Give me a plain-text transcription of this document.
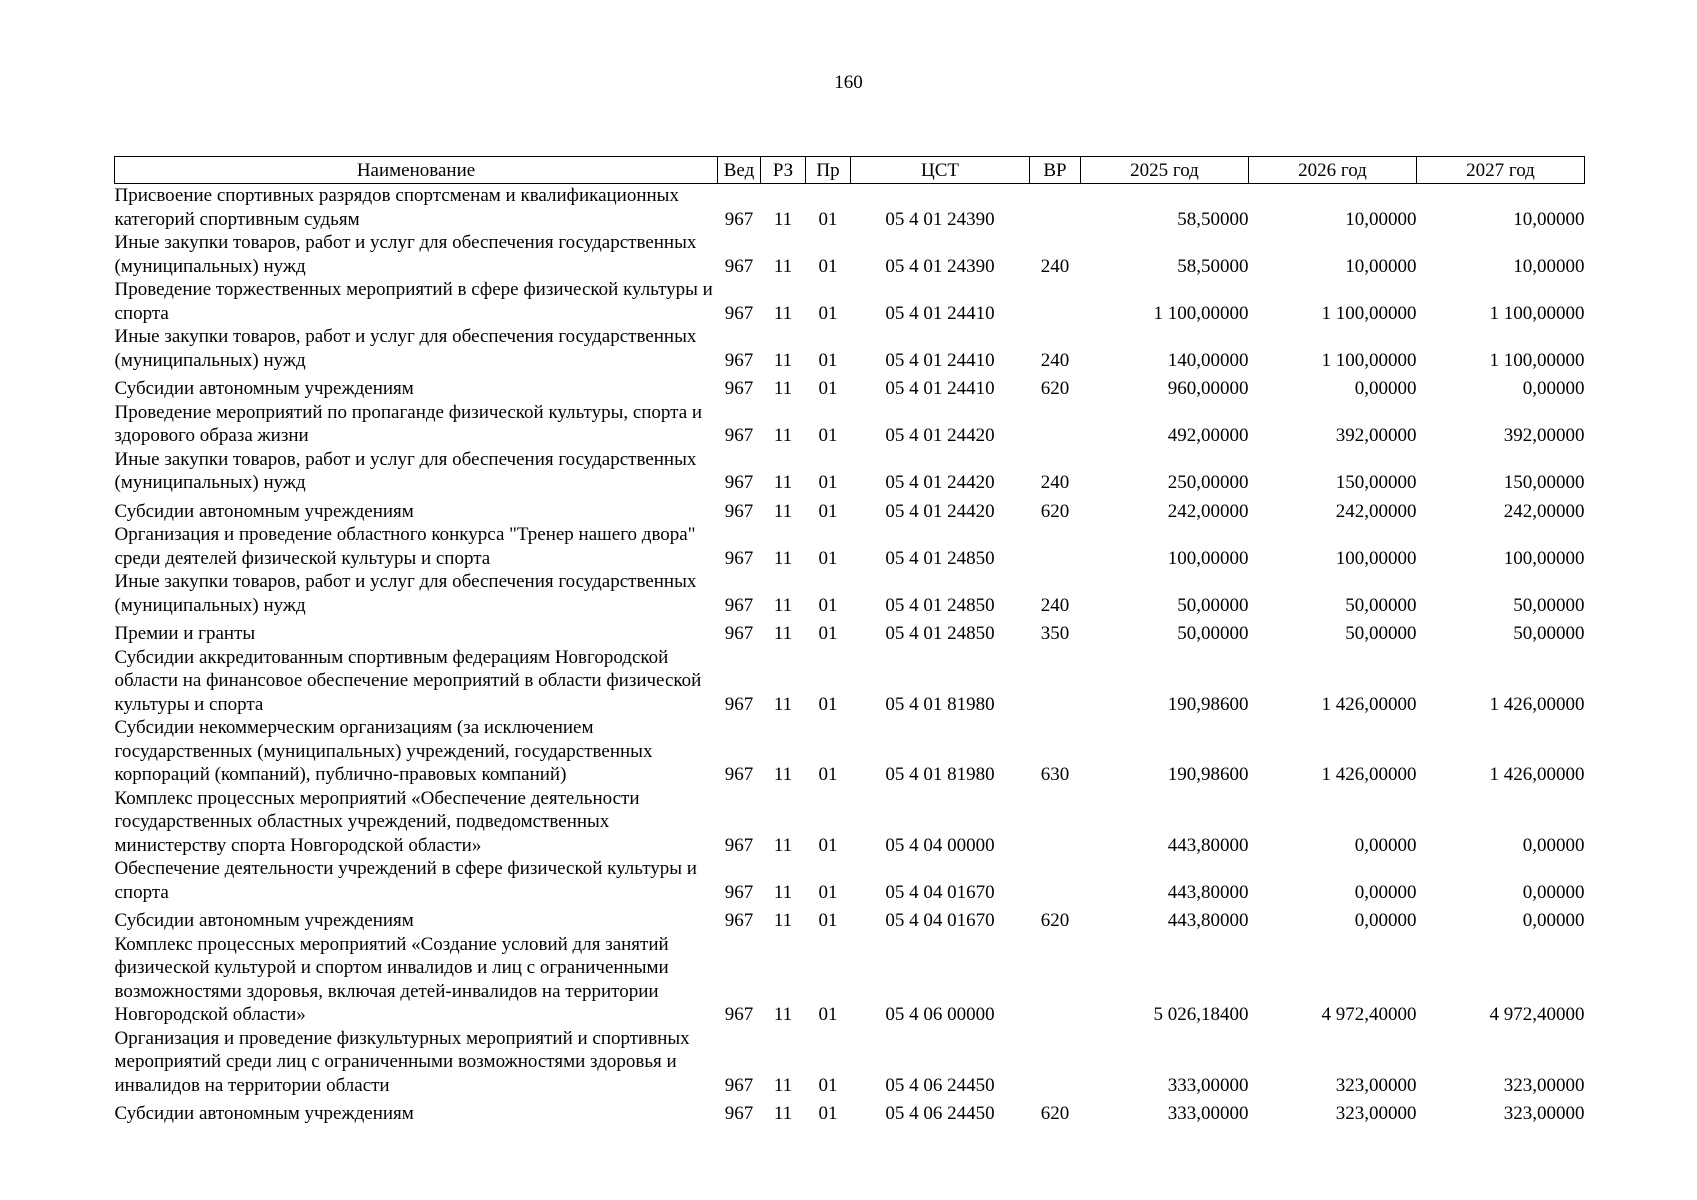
160
Наименование	Вед	РЗ	Пр	ЦСТ	ВР	2025 год	2026 год	2027 год
Присвоение спортивных разрядов спортсменам и квалификационных категорий спортивным судьям	967	11	01	05 4 01 24390		58,50000	10,00000	10,00000
Иные закупки товаров, работ и услуг для обеспечения государственных (муниципальных) нужд	967	11	01	05 4 01 24390	240	58,50000	10,00000	10,00000
Проведение торжественных мероприятий в сфере физической культуры и спорта	967	11	01	05 4 01 24410		1 100,00000	1 100,00000	1 100,00000
Иные закупки товаров, работ и услуг для обеспечения государственных (муниципальных) нужд	967	11	01	05 4 01 24410	240	140,00000	1 100,00000	1 100,00000
Субсидии автономным учреждениям	967	11	01	05 4 01 24410	620	960,00000	0,00000	0,00000
Проведение мероприятий по пропаганде физической культуры, спорта и здорового образа жизни	967	11	01	05 4 01 24420		492,00000	392,00000	392,00000
Иные закупки товаров, работ и услуг для обеспечения государственных (муниципальных) нужд	967	11	01	05 4 01 24420	240	250,00000	150,00000	150,00000
Субсидии автономным учреждениям	967	11	01	05 4 01 24420	620	242,00000	242,00000	242,00000
Организация и проведение областного конкурса "Тренер нашего двора" среди деятелей физической культуры и спорта	967	11	01	05 4 01 24850		100,00000	100,00000	100,00000
Иные закупки товаров, работ и услуг для обеспечения государственных (муниципальных) нужд	967	11	01	05 4 01 24850	240	50,00000	50,00000	50,00000
Премии и гранты	967	11	01	05 4 01 24850	350	50,00000	50,00000	50,00000
Субсидии аккредитованным спортивным федерациям Новгородской области на финансовое обеспечение мероприятий в области физической культуры и спорта	967	11	01	05 4 01 81980		190,98600	1 426,00000	1 426,00000
Субсидии некоммерческим организациям (за исключением государственных (муниципальных) учреждений, государственных корпораций (компаний), публично-правовых компаний)	967	11	01	05 4 01 81980	630	190,98600	1 426,00000	1 426,00000
Комплекс процессных мероприятий «Обеспечение деятельности государственных областных учреждений, подведомственных министерству спорта Новгородской области»	967	11	01	05 4 04 00000		443,80000	0,00000	0,00000
Обеспечение деятельности учреждений в сфере физической культуры и спорта	967	11	01	05 4 04 01670		443,80000	0,00000	0,00000
Субсидии автономным учреждениям	967	11	01	05 4 04 01670	620	443,80000	0,00000	0,00000
Комплекс процессных мероприятий «Создание условий для занятий физической культурой и спортом инвалидов и лиц с ограниченными возможностями здоровья, включая детей-инвалидов на территории Новгородской области»	967	11	01	05 4 06 00000		5 026,18400	4 972,40000	4 972,40000
Организация и проведение физкультурных мероприятий и спортивных мероприятий среди лиц с ограниченными возможностями здоровья и инвалидов на территории области	967	11	01	05 4 06 24450		333,00000	323,00000	323,00000
Субсидии автономным учреждениям	967	11	01	05 4 06 24450	620	333,00000	323,00000	323,00000
